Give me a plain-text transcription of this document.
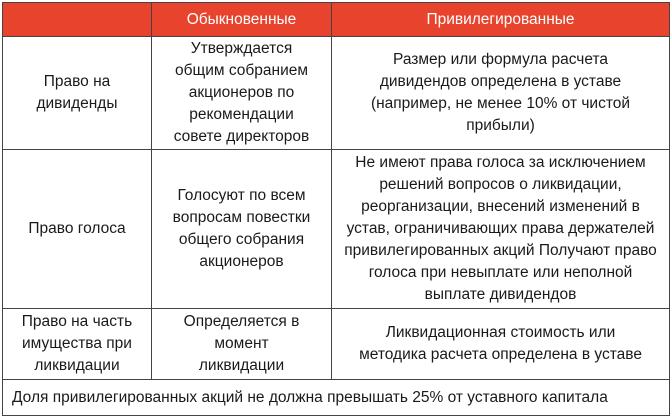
	Обыкновенные	Привилегированные
Право на дивиденды	Утверждается общим собранием акционеров по рекомендации совете директоров	Размер или формула расчета дивидендов определена в уставе (например, не менее 10% от чистой прибыли)
Право голоса	Голосуют по всем вопросам повестки общего собрания акционеров	Не имеют права голоса за исключением решений вопросов о ликвидации, реорганизации, внесений изменений в устав, ограничивающих права держателей привилегированных акций Получают право голоса при невыплате или неполной выплате дивидендов
Право на часть имущества при ликвидации	Определяется в момент ликвидации	Ликвидационная стоимость или методика расчета определена в уставе
Доля привилегированных акций не должна превышать 25% от уставного капитала		
